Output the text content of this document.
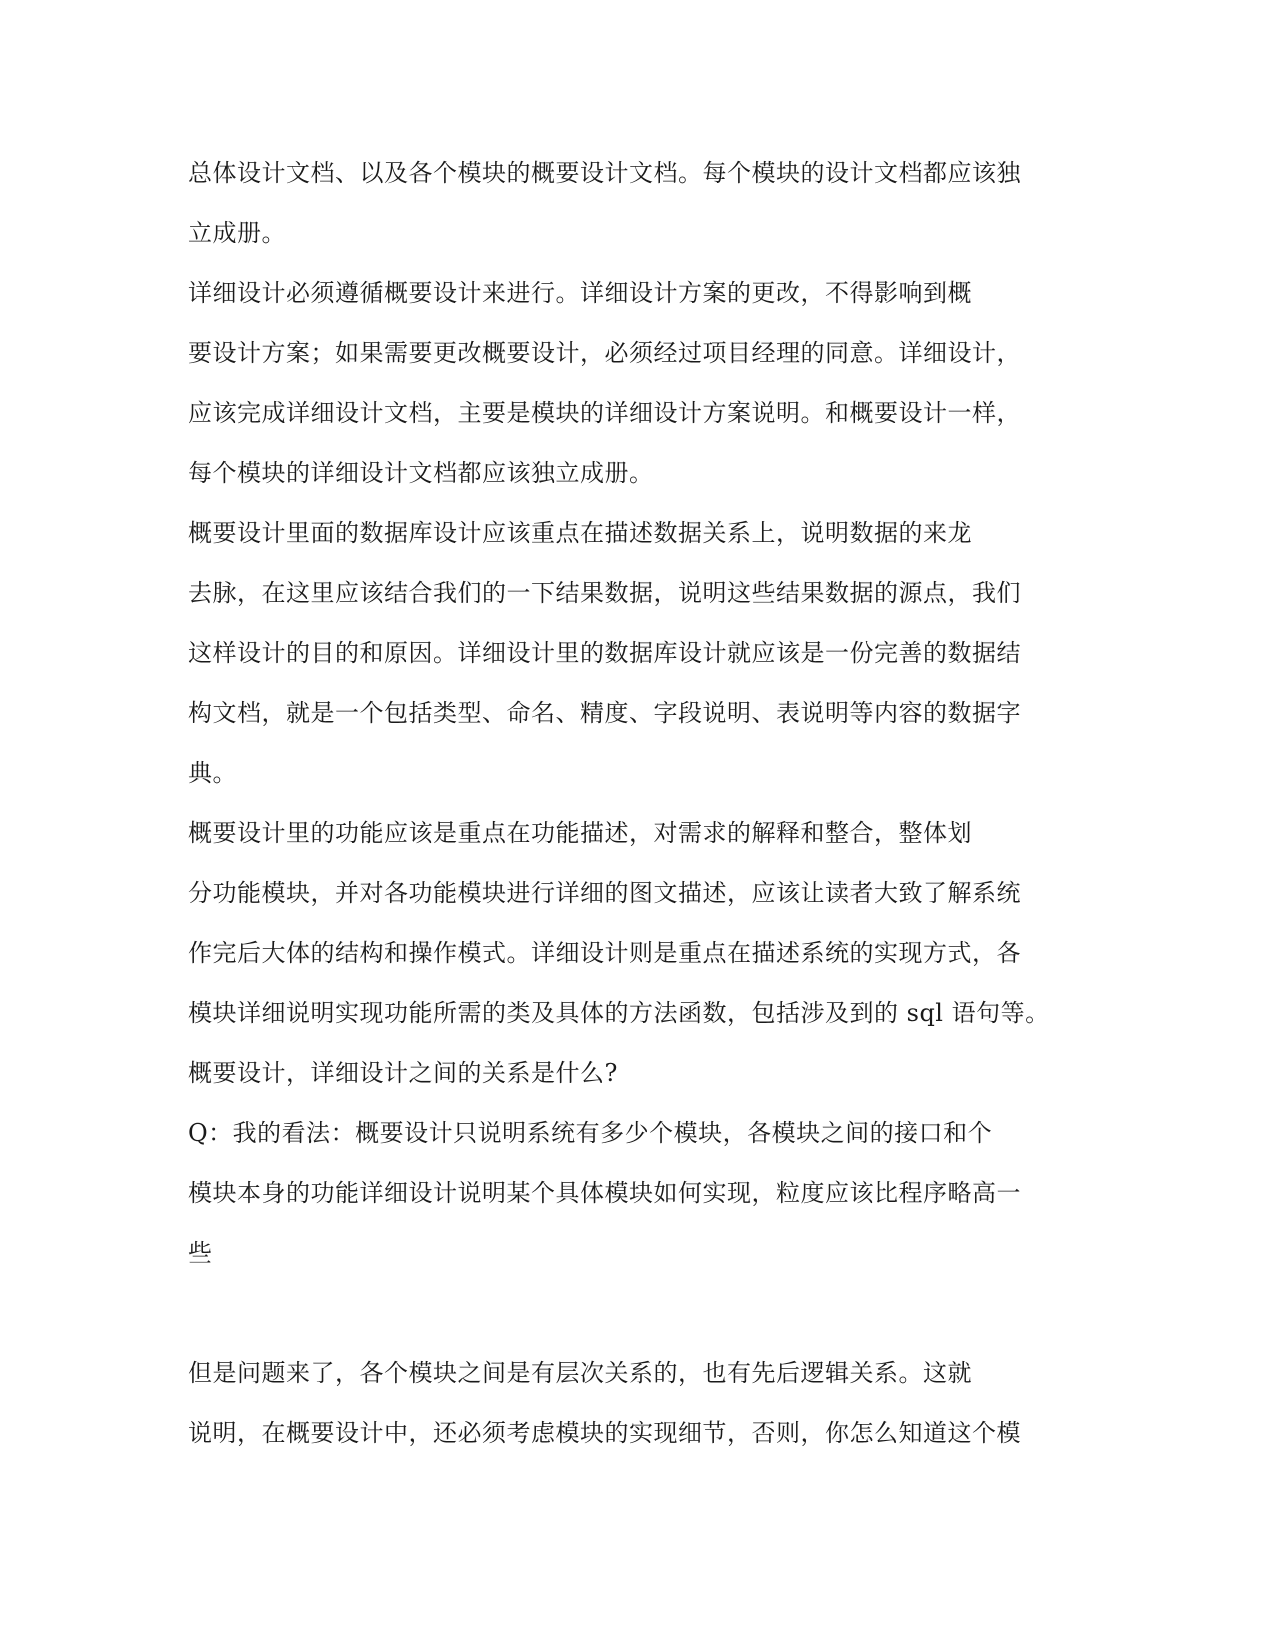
总体设计文档、以及各个模块的概要设计文档。每个模块的设计文档都应该独
立成册。
详细设计必须遵循概要设计来进行。详细设计方案的更改，不得影响到概
要设计方案；如果需要更改概要设计，必须经过项目经理的同意。详细设计，
应该完成详细设计文档，主要是模块的详细设计方案说明。和概要设计一样，
每个模块的详细设计文档都应该独立成册。
概要设计里面的数据库设计应该重点在描述数据关系上，说明数据的来龙
去脉，在这里应该结合我们的一下结果数据，说明这些结果数据的源点，我们
这样设计的目的和原因。详细设计里的数据库设计就应该是一份完善的数据结
构文档，就是一个包括类型、命名、精度、字段说明、表说明等内容的数据字
典。
概要设计里的功能应该是重点在功能描述，对需求的解释和整合，整体划
分功能模块，并对各功能模块进行详细的图文描述，应该让读者大致了解系统
作完后大体的结构和操作模式。详细设计则是重点在描述系统的实现方式，各
模块详细说明实现功能所需的类及具体的方法函数，包括涉及到的 sql 语句等。
概要设计，详细设计之间的关系是什么?
Q：我的看法：概要设计只说明系统有多少个模块，各模块之间的接口和个
模块本身的功能详细设计说明某个具体模块如何实现，粒度应该比程序略高一
些
但是问题来了，各个模块之间是有层次关系的，也有先后逻辑关系。这就
说明，在概要设计中，还必须考虑模块的实现细节，否则，你怎么知道这个模
